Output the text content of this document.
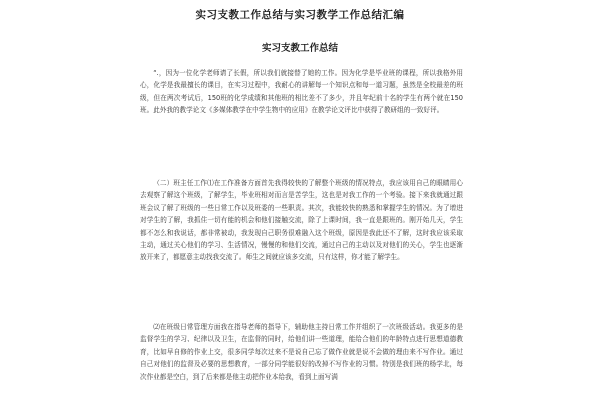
实习支教工作总结与实习教学工作总结汇编
实习支教工作总结

“.，因为一位化学老师请了长假，所以我们就接替了她的工作。因为化学是毕业班的课程，所以我格外用心，化学是我最擅长的课目，在实习过程中，我耐心的讲解每一个知识点和每一道习题，虽然是全校最差的班级，但在两次考试后，150班的化学成绩和其他班的相比差不了多少，并且年纪前十名的学生有两个就在150班。此外我的教学论文《多媒体教学在中学生物中的应用》在教学论文评比中获得了教研组的一致好评。

（二）班主任工作⑴在工作准备方面首先我得较快的了解整个班级的情况特点，我应该用自己的眼睛用心去观察了解这个班级，了解学生，毕业班相对而言是苦学生，这也是对我工作的一个考验。接下来我就通过跟班会议了解了班级的一些日常工作以及班委的一些职责。其次，我能较快的熟悉和掌握学生的情况。为了增进对学生的了解，我抓住一切有能的机会和他们接触交流，除了上课时间，我一直是跟班的。刚开始几天，学生都不怎么和我说话，都非常被动，我发现自己职务很难融入这个班级，原因是我此还不了解，这时我应该采取主动，通过关心他们的学习、生活情况，慢慢的和他们交流，通过自己的主动以及对他们的关心，学生也逐渐放开来了，都愿意主动找我交流了。师生之间就应该多交流，只有这样，你才能了解学生。

⑵在班级日常管理方面我在指导老师的指导下，辅助他主持日常工作并组织了一次班级活动。我更多的是监督学生的学习、纪律以及卫生，在监督的同时，给他们讲一些道理，能给合他们的年龄特点进行思想道德教育，比如早自修的作业上交，很多同学每次过来不是说自己忘了做作业就是说不会做的理由来不写作业。通过自己对他们的监督及必要的思想教育，一部分同学能很好的改掉不写作业的习惯。特别是我们班的杨学北，每次作业都是空白，到了后来都是他主动把作业本给我，看到上面写满
